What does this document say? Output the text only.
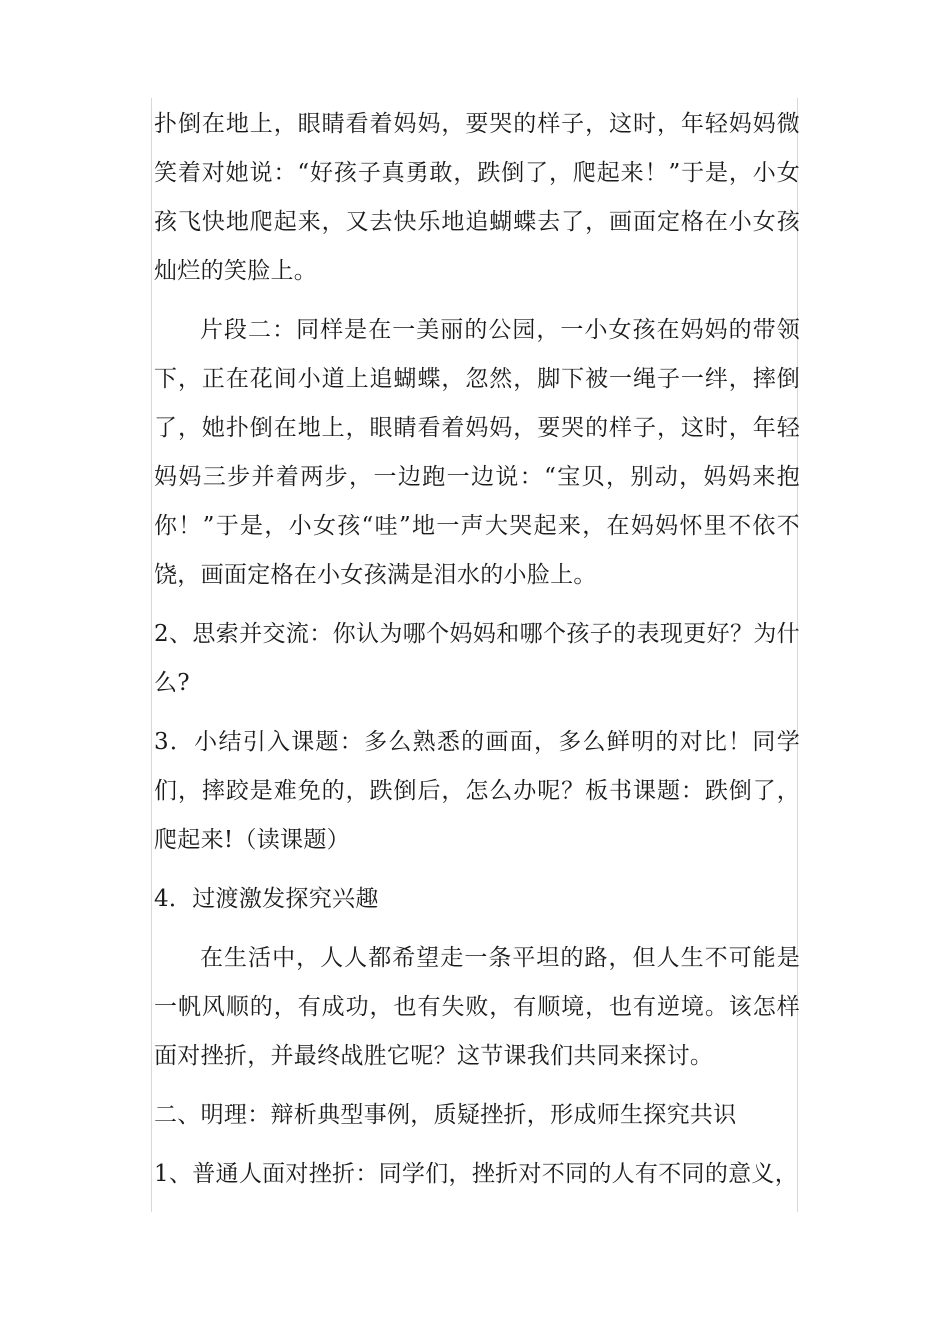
扑倒在地上，眼睛看着妈妈，要哭的样子，这时，年轻妈妈微笑着对她说：“好孩子真勇敢，跌倒了，爬起来！”于是，小女孩飞快地爬起来，又去快乐地追蝴蝶去了，画面定格在小女孩灿烂的笑脸上。

片段二：同样是在一美丽的公园，一小女孩在妈妈的带领下，正在花间小道上追蝴蝶，忽然，脚下被一绳子一绊，摔倒了，她扑倒在地上，眼睛看着妈妈，要哭的样子，这时，年轻妈妈三步并着两步，一边跑一边说：“宝贝，别动，妈妈来抱你！”于是，小女孩“哇”地一声大哭起来，在妈妈怀里不依不饶，画面定格在小女孩满是泪水的小脸上。

2、思索并交流：你认为哪个妈妈和哪个孩子的表现更好？为什么?

3．小结引入课题：多么熟悉的画面，多么鲜明的对比！同学们，摔跤是难免的，跌倒后，怎么办呢？板书课题：跌倒了，爬起来!（读课题）

4．过渡激发探究兴趣

在生活中，人人都希望走一条平坦的路，但人生不可能是一帆风顺的，有成功，也有失败，有顺境，也有逆境。该怎样面对挫折，并最终战胜它呢？这节课我们共同来探讨。

二、明理：辩析典型事例，质疑挫折，形成师生探究共识

1、普通人面对挫折：同学们，挫折对不同的人有不同的意义，
